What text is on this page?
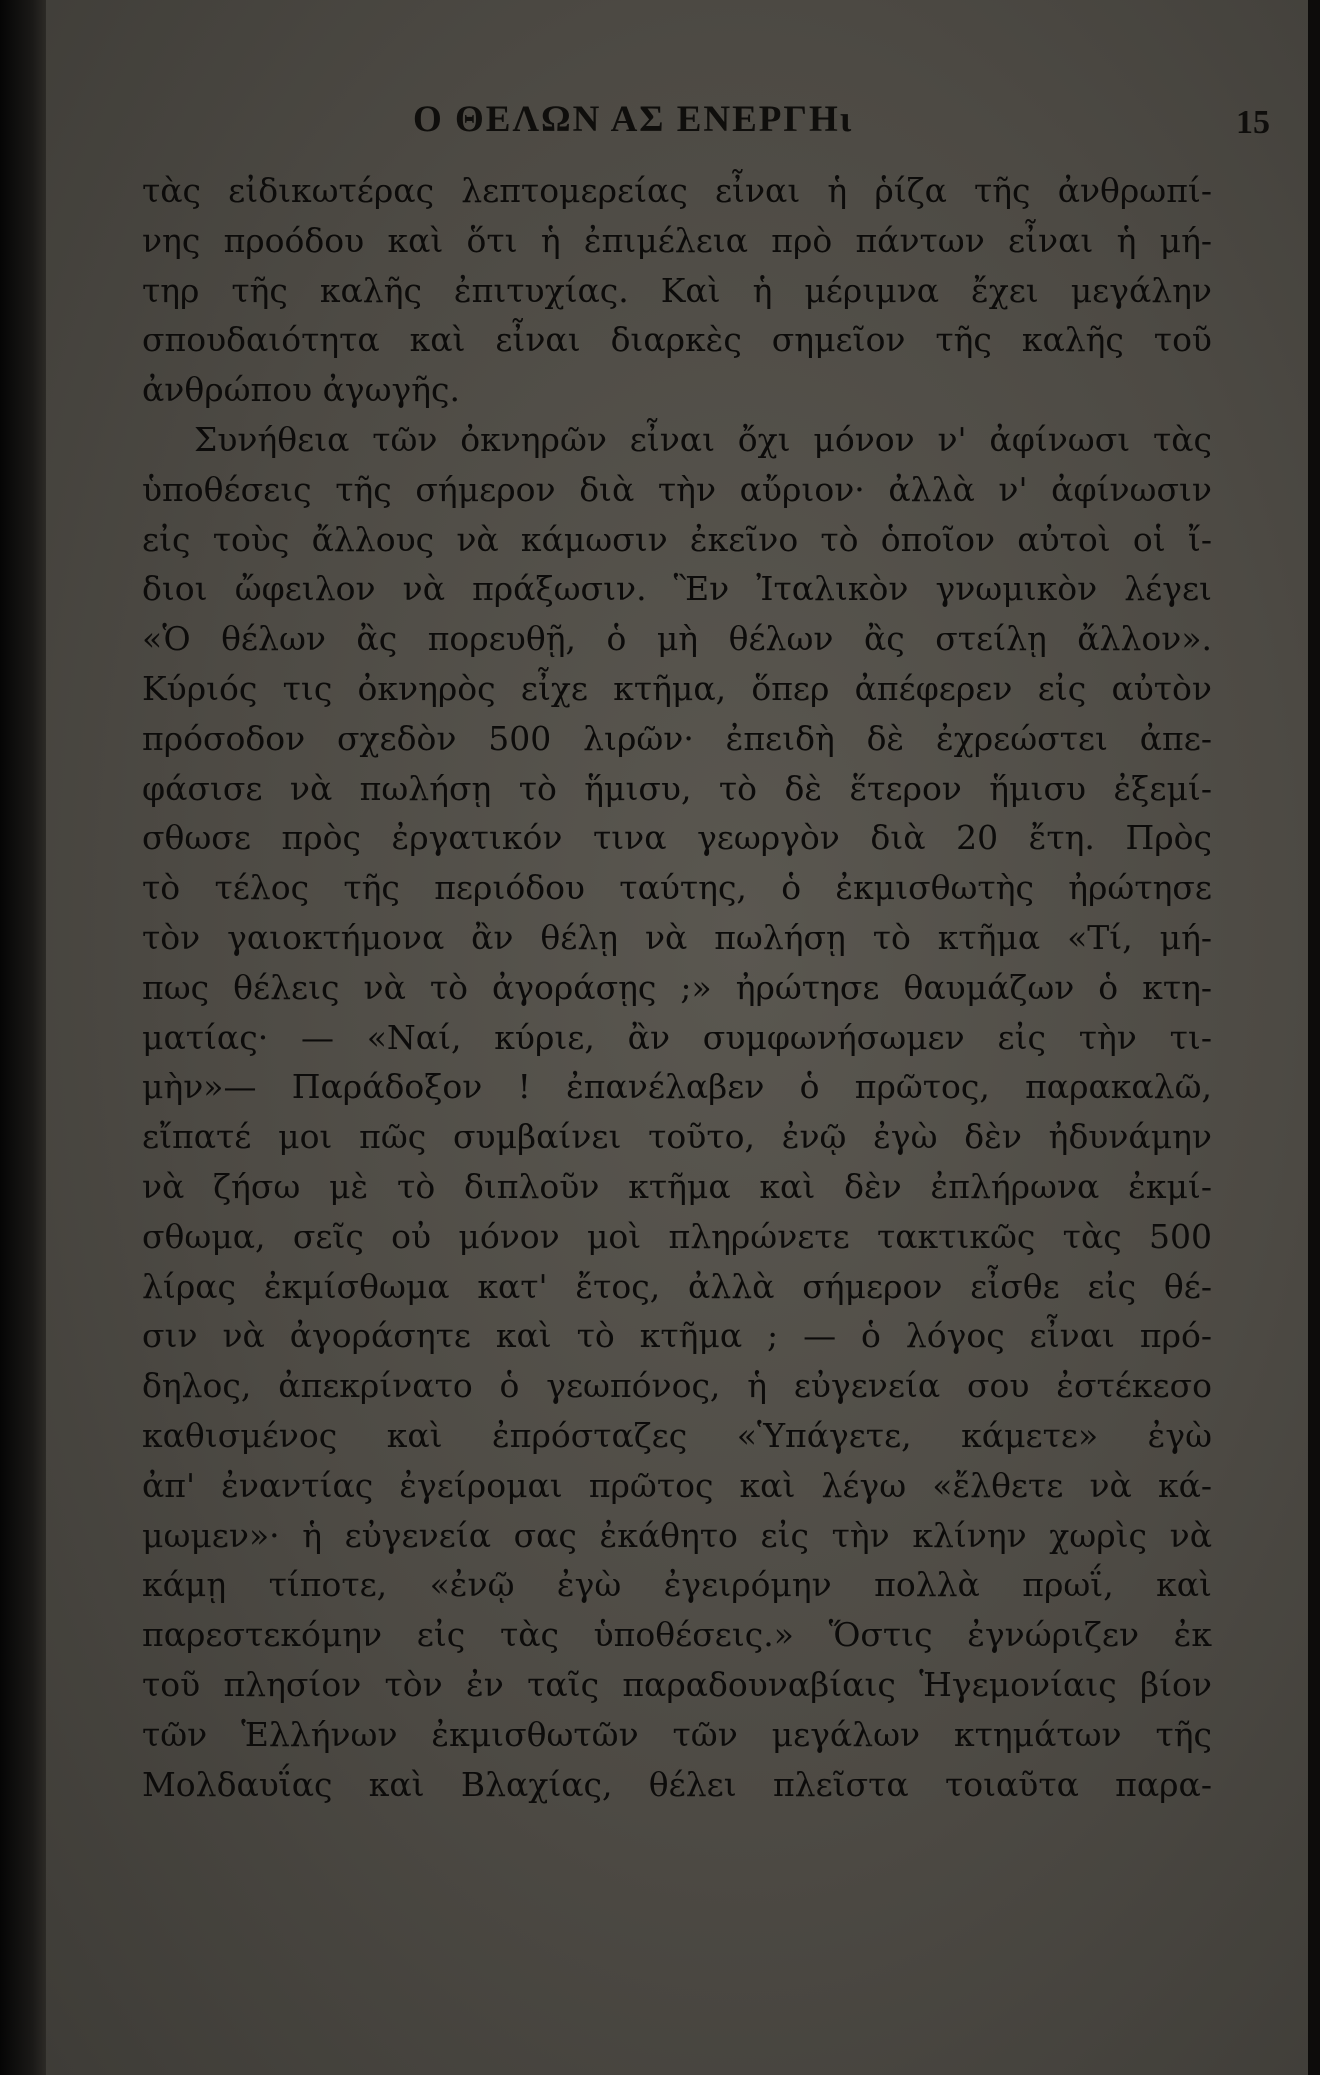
Ο ΘΕΛΩΝ ΑΣ ΕΝΕΡΓΗι	15
τὰς εἰδικωτέρας λεπτομερείας εἶναι ἡ ῥίζα τῆς ἀνθρωπί-
νης προόδου καὶ ὅτι ἡ ἐπιμέλεια πρὸ πάντων εἶναι ἡ μή-
τηρ τῆς καλῆς ἐπιτυχίας. Καὶ ἡ μέριμνα ἔχει μεγάλην
σπουδαιότητα καὶ εἶναι διαρκὲς σημεῖον τῆς καλῆς τοῦ
ἀνθρώπου ἀγωγῆς.
Συνήθεια τῶν ὀκνηρῶν εἶναι ὄχι μόνον ν' ἀφίνωσι τὰς
ὑποθέσεις τῆς σήμερον διὰ τὴν αὔριον· ἀλλὰ ν' ἀφίνωσιν
εἰς τοὺς ἄλλους νὰ κάμωσιν ἐκεῖνο τὸ ὁποῖον αὐτοὶ οἱ ἴ-
διοι ὤφειλον νὰ πράξωσιν. Ἓν Ἰταλικὸν γνωμικὸν λέγει
«Ὁ θέλων ἂς πορευθῇ, ὁ μὴ θέλων ἂς στείλῃ ἄλλον».
Κύριός τις ὀκνηρὸς εἶχε κτῆμα, ὅπερ ἀπέφερεν εἰς αὐτὸν
πρόσοδον σχεδὸν 500 λιρῶν· ἐπειδὴ δὲ ἐχρεώστει ἀπε-
φάσισε νὰ πωλήσῃ τὸ ἥμισυ, τὸ δὲ ἕτερον ἥμισυ ἐξεμί-
σθωσε πρὸς ἐργατικόν τινα γεωργὸν διὰ 20 ἔτη. Πρὸς
τὸ τέλος τῆς περιόδου ταύτης, ὁ ἐκμισθωτὴς ἠρώτησε
τὸν γαιοκτήμονα ἂν θέλῃ νὰ πωλήσῃ τὸ κτῆμα «Τί, μή-
πως θέλεις νὰ τὸ ἀγοράσῃς ;» ἠρώτησε θαυμάζων ὁ κτη-
ματίας· — «Ναί, κύριε, ἂν συμφωνήσωμεν εἰς τὴν τι-
μὴν»— Παράδοξον ! ἐπανέλαβεν ὁ πρῶτος, παρακαλῶ,
εἴπατέ μοι πῶς συμβαίνει τοῦτο, ἐνῷ ἐγὼ δὲν ἠδυνάμην
νὰ ζήσω μὲ τὸ διπλοῦν κτῆμα καὶ δὲν ἐπλήρωνα ἐκμί-
σθωμα, σεῖς οὐ μόνον μοὶ πληρώνετε τακτικῶς τὰς 500
λίρας ἐκμίσθωμα κατ' ἔτος, ἀλλὰ σήμερον εἶσθε εἰς θέ-
σιν νὰ ἀγοράσητε καὶ τὸ κτῆμα ; — ὁ λόγος εἶναι πρό-
δηλος, ἀπεκρίνατο ὁ γεωπόνος, ἡ εὐγενεία σου ἐστέκεσο
καθισμένος καὶ ἐπρόσταζες «Ὑπάγετε, κάμετε» ἐγὼ
ἀπ' ἐναντίας ἐγείρομαι πρῶτος καὶ λέγω «ἔλθετε νὰ κά-
μωμεν»· ἡ εὐγενεία σας ἐκάθητο εἰς τὴν κλίνην χωρὶς νὰ
κάμῃ τίποτε, «ἐνῷ ἐγὼ ἐγειρόμην πολλὰ πρωΐ, καὶ
παρεστεκόμην εἰς τὰς ὑποθέσεις.» Ὅστις ἐγνώριζεν ἐκ
τοῦ πλησίον τὸν ἐν ταῖς παραδουναβίαις Ἡγεμονίαις βίον
τῶν Ἑλλήνων ἐκμισθωτῶν τῶν μεγάλων κτημάτων τῆς
Μολδαυΐας καὶ Βλαχίας, θέλει πλεῖστα τοιαῦτα παρα-
